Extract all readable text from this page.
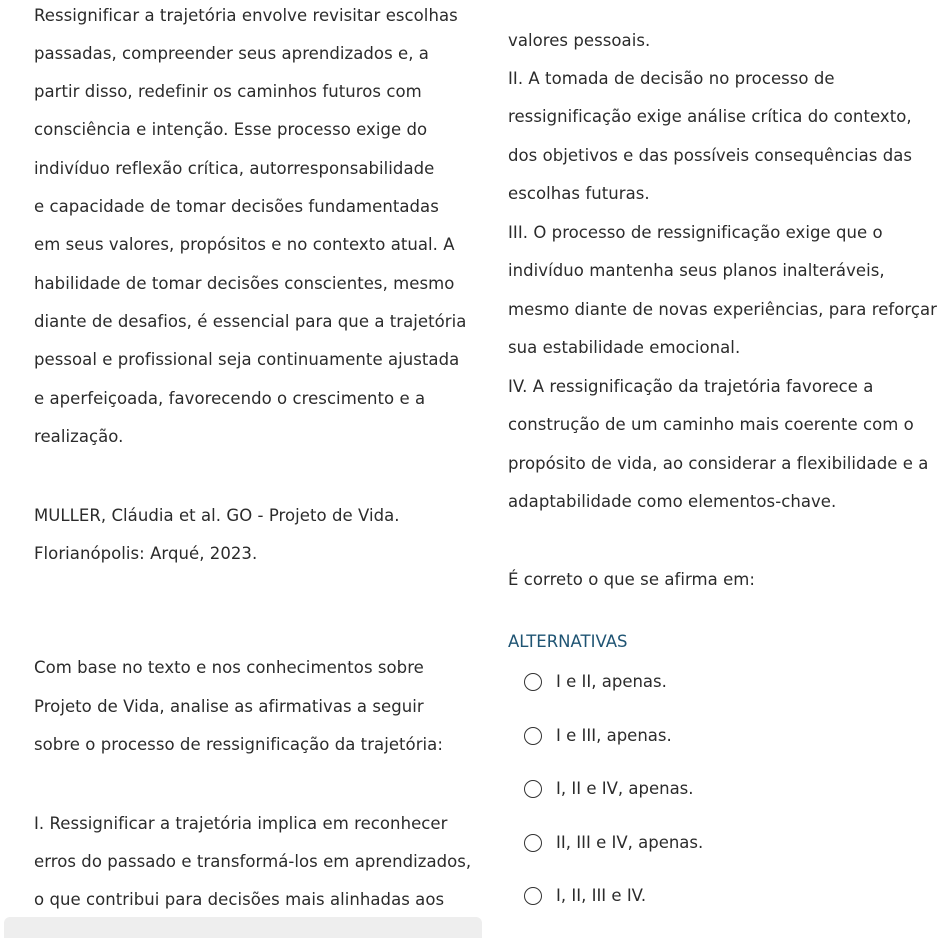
Ressignificar a trajetória envolve revisitar escolhas
passadas, compreender seus aprendizados e, a
partir disso, redefinir os caminhos futuros com
consciência e intenção. Esse processo exige do
indivíduo reflexão crítica, autorresponsabilidade
e capacidade de tomar decisões fundamentadas
em seus valores, propósitos e no contexto atual. A
habilidade de tomar decisões conscientes, mesmo
diante de desafios, é essencial para que a trajetória
pessoal e profissional seja continuamente ajustada
e aperfeiçoada, favorecendo o crescimento e a
realização.
MULLER, Cláudia et al. GO - Projeto de Vida.
Florianópolis: Arqué, 2023.
Com base no texto e nos conhecimentos sobre
Projeto de Vida, analise as afirmativas a seguir
sobre o processo de ressignificação da trajetória:
I. Ressignificar a trajetória implica em reconhecer
erros do passado e transformá-los em aprendizados,
o que contribui para decisões mais alinhadas aos
valores pessoais.
II. A tomada de decisão no processo de
ressignificação exige análise crítica do contexto,
dos objetivos e das possíveis consequências das
escolhas futuras.
III. O processo de ressignificação exige que o
indivíduo mantenha seus planos inalteráveis,
mesmo diante de novas experiências, para reforçar
sua estabilidade emocional.
IV. A ressignificação da trajetória favorece a
construção de um caminho mais coerente com o
propósito de vida, ao considerar a flexibilidade e a
adaptabilidade como elementos-chave.
É correto o que se afirma em:
ALTERNATIVAS
I e II, apenas.
I e III, apenas.
I, II e IV, apenas.
II, III e IV, apenas.
I, II, III e IV.
